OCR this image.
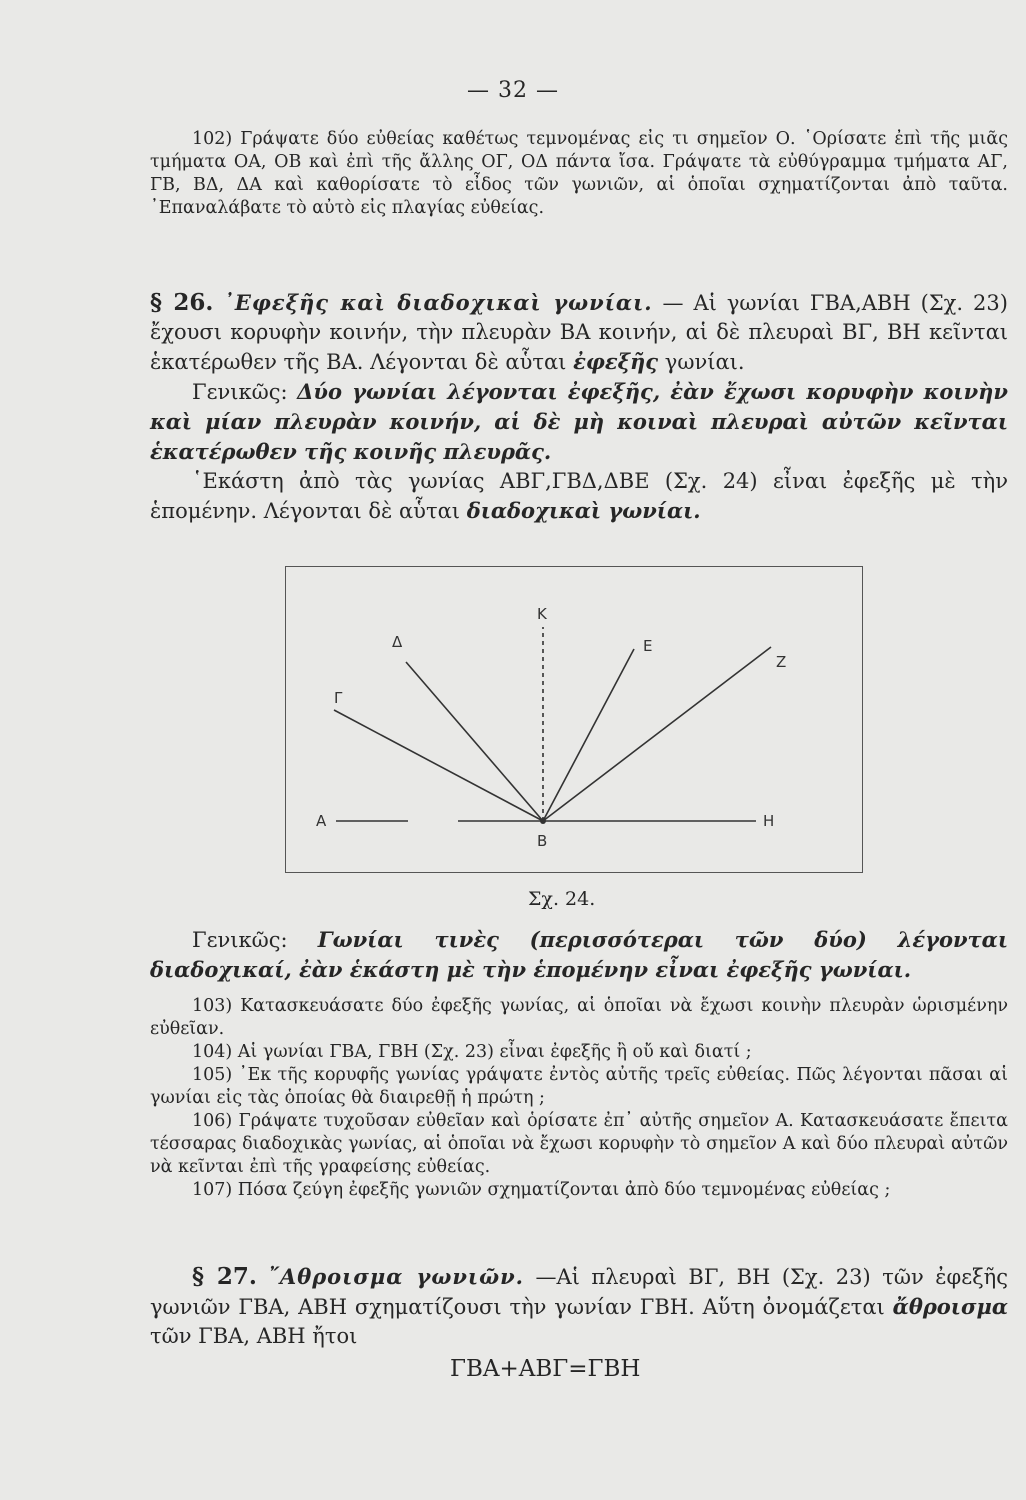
— 32 —

102) Γράψατε δύο εὐθείας καθέτως τεμνομένας εἰς τι σημεῖον Ο. ῾Ορίσατε ἐπὶ τῆς μιᾶς τμήματα ΟΑ, ΟΒ καὶ ἐπὶ τῆς ἄλλης ΟΓ, ΟΔ πάντα ἴσα. Γράψατε τὰ εὐθύγραμμα τμήματα ΑΓ, ΓΒ, ΒΔ, ΔΑ καὶ καθορίσατε τὸ εἶδος τῶν γωνιῶν, αἱ ὁποῖαι σχηματίζονται ἀπὸ ταῦτα. ᾿Επαναλάβατε τὸ αὐτὸ εἰς πλαγίας εὐθείας.

§ 26. ᾿Εφεξῆς καὶ διαδοχικαὶ γωνίαι. — Αἱ γωνίαι ΓΒΑ,ΑΒΗ (Σχ. 23) ἔχουσι κορυφὴν κοινήν, τὴν πλευρὰν ΒΑ κοινήν, αἱ δὲ πλευραὶ ΒΓ, ΒΗ κεῖνται ἑκατέρωθεν τῆς ΒΑ. Λέγονται δὲ αὗται ἐφεξῆς γωνίαι.

Γενικῶς: Δύο γωνίαι λέγονται ἐφεξῆς, ἐὰν ἔχωσι κορυφὴν κοινὴν καὶ μίαν πλευρὰν κοινήν, αἱ δὲ μὴ κοιναὶ πλευραὶ αὐτῶν κεῖνται ἑκατέρωθεν τῆς κοινῆς πλευρᾶς.

῾Εκάστη ἀπὸ τὰς γωνίας ΑΒΓ,ΓΒΔ,ΔΒΕ (Σχ. 24) εἶναι ἐφεξῆς μὲ τὴν ἑπομένην. Λέγονται δὲ αὗται διαδοχικαὶ γωνίαι.

Α
Β
Γ
Δ
Κ
Ε
Ζ
Η
Σχ. 24.

Γενικῶς: Γωνίαι τινὲς (περισσότεραι τῶν δύο) λέγονται διαδοχικαί, ἐὰν ἑκάστη μὲ τὴν ἑπομένην εἶναι ἐφεξῆς γωνίαι.

103) Κατασκευάσατε δύο ἐφεξῆς γωνίας, αἱ ὁποῖαι νὰ ἔχωσι κοινὴν πλευρὰν ὡρισμένην εὐθεῖαν.

104) Αἱ γωνίαι ΓΒΑ, ΓΒΗ (Σχ. 23) εἶναι ἐφεξῆς ἢ οὔ καὶ διατί ;

105) ᾿Εκ τῆς κορυφῆς γωνίας γράψατε ἐντὸς αὐτῆς τρεῖς εὐθείας. Πῶς λέγονται πᾶσαι αἱ γωνίαι εἰς τὰς ὁποίας θὰ διαιρεθῇ ἡ πρώτη ;

106) Γράψατε τυχοῦσαν εὐθεῖαν καὶ ὁρίσατε ἐπ᾿ αὐτῆς σημεῖον Α. Κατασκευάσατε ἔπειτα τέσσαρας διαδοχικὰς γωνίας, αἱ ὁποῖαι νὰ ἔχωσι κορυφὴν τὸ σημεῖον Α καὶ δύο πλευραὶ αὐτῶν νὰ κεῖνται ἐπὶ τῆς γραφείσης εὐθείας.

107) Πόσα ζεύγη ἐφεξῆς γωνιῶν σχηματίζονται ἀπὸ δύο τεμνομένας εὐθείας ;

§ 27. ῎Αθροισμα γωνιῶν. —Αἱ πλευραὶ ΒΓ, ΒΗ (Σχ. 23) τῶν ἐφεξῆς γωνιῶν ΓΒΑ, ΑΒΗ σχηματίζουσι τὴν γωνίαν ΓΒΗ. Αὕτη ὀνομάζεται ἄθροισμα τῶν ΓΒΑ, ΑΒΗ ἤτοι

ΓΒΑ+ΑΒΓ=ΓΒΗ
